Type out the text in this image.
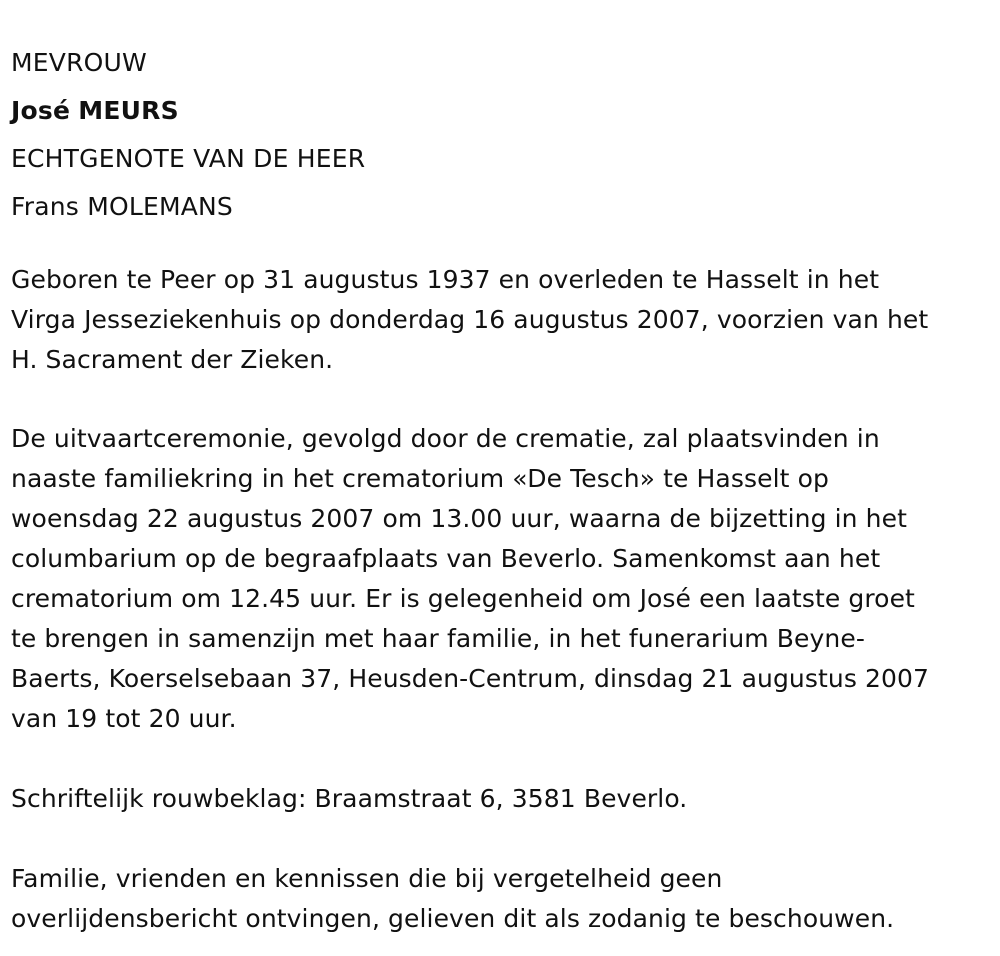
MEVROUW
José MEURS
ECHTGENOTE VAN DE HEER
Frans MOLEMANS
Geboren te Peer op 31 augustus 1937 en overleden te Hasselt in het
Virga Jesseziekenhuis op donderdag 16 augustus 2007, voorzien van het
H. Sacrament der Zieken.
De uitvaartceremonie, gevolgd door de crematie, zal plaatsvinden in
naaste familiekring in het crematorium «De Tesch» te Hasselt op
woensdag 22 augustus 2007 om 13.00 uur, waarna de bijzetting in het
columbarium op de begraafplaats van Beverlo. Samenkomst aan het
crematorium om 12.45 uur. Er is gelegenheid om José een laatste groet
te brengen in samenzijn met haar familie, in het funerarium Beyne-
Baerts, Koerselsebaan 37, Heusden-Centrum, dinsdag 21 augustus 2007
van 19 tot 20 uur.
Schriftelijk rouwbeklag: Braamstraat 6, 3581 Beverlo.
Familie, vrienden en kennissen die bij vergetelheid geen
overlijdensbericht ontvingen, gelieven dit als zodanig te beschouwen.
